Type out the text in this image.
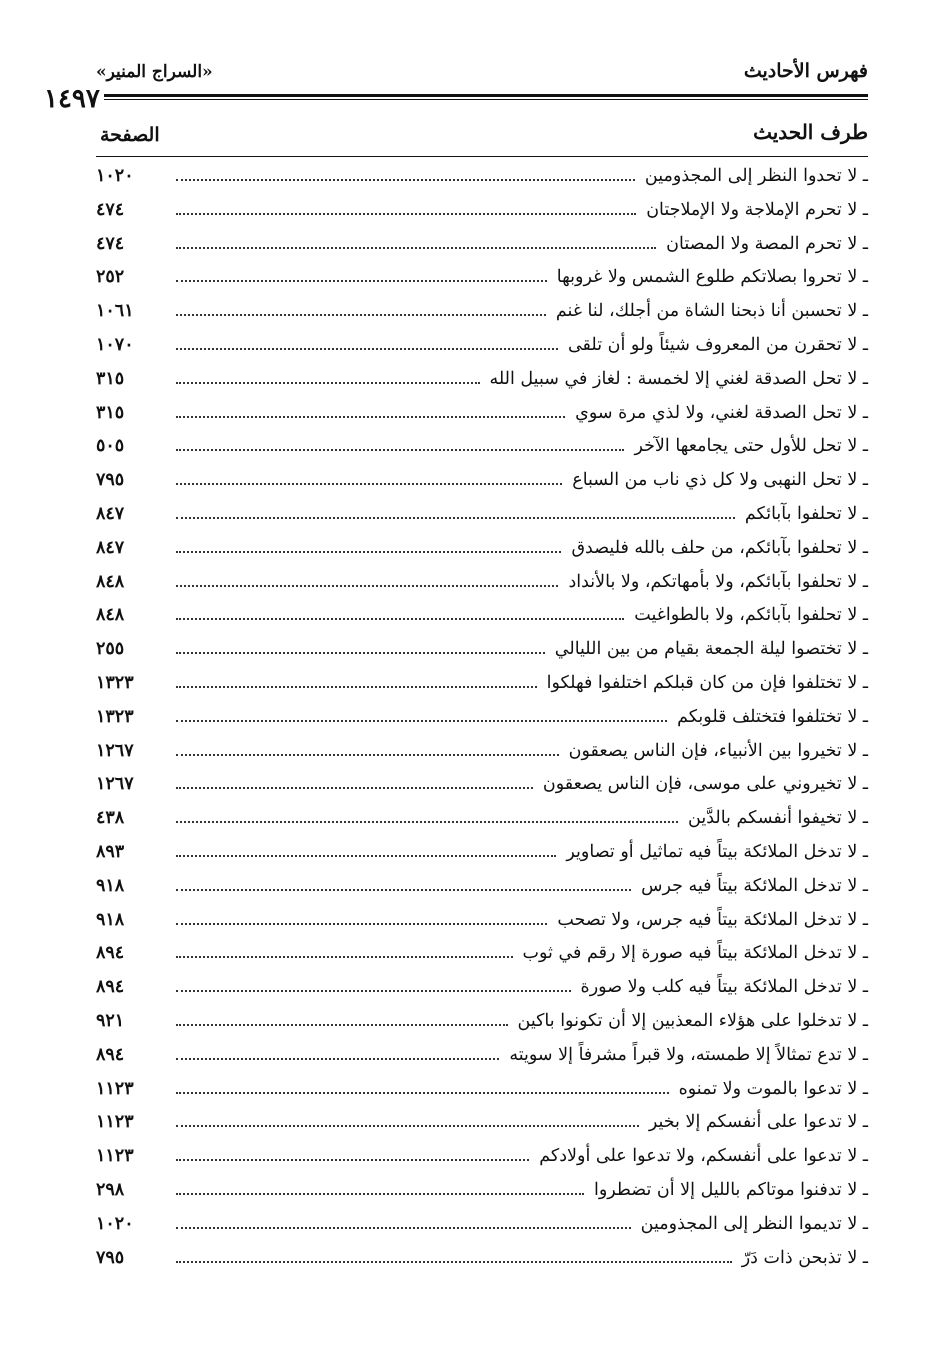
فهرس الأحاديث
«السراج المنير»
١٤٩٧
طرف الحديث
الصفحة
ـ لا تحدوا النظر إلى المجذومين
١٠٢٠
ـ لا تحرم الإملاجة ولا الإملاجتان
٤٧٤
ـ لا تحرم المصة ولا المصتان
٤٧٤
ـ لا تحروا بصلاتكم طلوع الشمس ولا غروبها
٢٥٢
ـ لا تحسبن أنا ذبحنا الشاة من أجلك، لنا غنم
١٠٦١
ـ لا تحقرن من المعروف شيئاً ولو أن تلقى
١٠٧٠
ـ لا تحل الصدقة لغني إلا لخمسة : لغاز في سبيل الله
٣١٥
ـ لا تحل الصدقة لغني، ولا لذي مرة سوي
٣١٥
ـ لا تحل للأول حتى يجامعها الآخر
٥٠٥
ـ لا تحل النهبى ولا كل ذي ناب من السباع
٧٩٥
ـ لا تحلفوا بآبائكم
٨٤٧
ـ لا تحلفوا بآبائكم، من حلف بالله فليصدق
٨٤٧
ـ لا تحلفوا بآبائكم، ولا بأمهاتكم، ولا بالأنداد
٨٤٨
ـ لا تحلفوا بآبائكم، ولا بالطواغيت
٨٤٨
ـ لا تختصوا ليلة الجمعة بقيام من بين الليالي
٢٥٥
ـ لا تختلفوا فإن من كان قبلكم اختلفوا فهلكوا
١٣٢٣
ـ لا تختلفوا فتختلف قلوبكم
١٣٢٣
ـ لا تخيروا بين الأنبياء، فإن الناس يصعقون
١٢٦٧
ـ لا تخيروني على موسى، فإن الناس يصعقون
١٢٦٧
ـ لا تخيفوا أنفسكم بالدَّين
٤٣٨
ـ لا تدخل الملائكة بيتاً فيه تماثيل أو تصاوير
٨٩٣
ـ لا تدخل الملائكة بيتاً فيه جرس
٩١٨
ـ لا تدخل الملائكة بيتاً فيه جرس، ولا تصحب
٩١٨
ـ لا تدخل الملائكة بيتاً فيه صورة إلا رقم في ثوب
٨٩٤
ـ لا تدخل الملائكة بيتاً فيه كلب ولا صورة
٨٩٤
ـ لا تدخلوا على هؤلاء المعذبين إلا أن تكونوا باكين
٩٢١
ـ لا تدع تمثالاً إلا طمسته، ولا قبراً مشرفاً إلا سويته
٨٩٤
ـ لا تدعوا بالموت ولا تمنوه
١١٢٣
ـ لا تدعوا على أنفسكم إلا بخير
١١٢٣
ـ لا تدعوا على أنفسكم، ولا تدعوا على أولادكم
١١٢٣
ـ لا تدفنوا موتاكم بالليل إلا أن تضطروا
٢٩٨
ـ لا تديموا النظر إلى المجذومين
١٠٢٠
ـ لا تذبحن ذات دَرّ
٧٩٥
